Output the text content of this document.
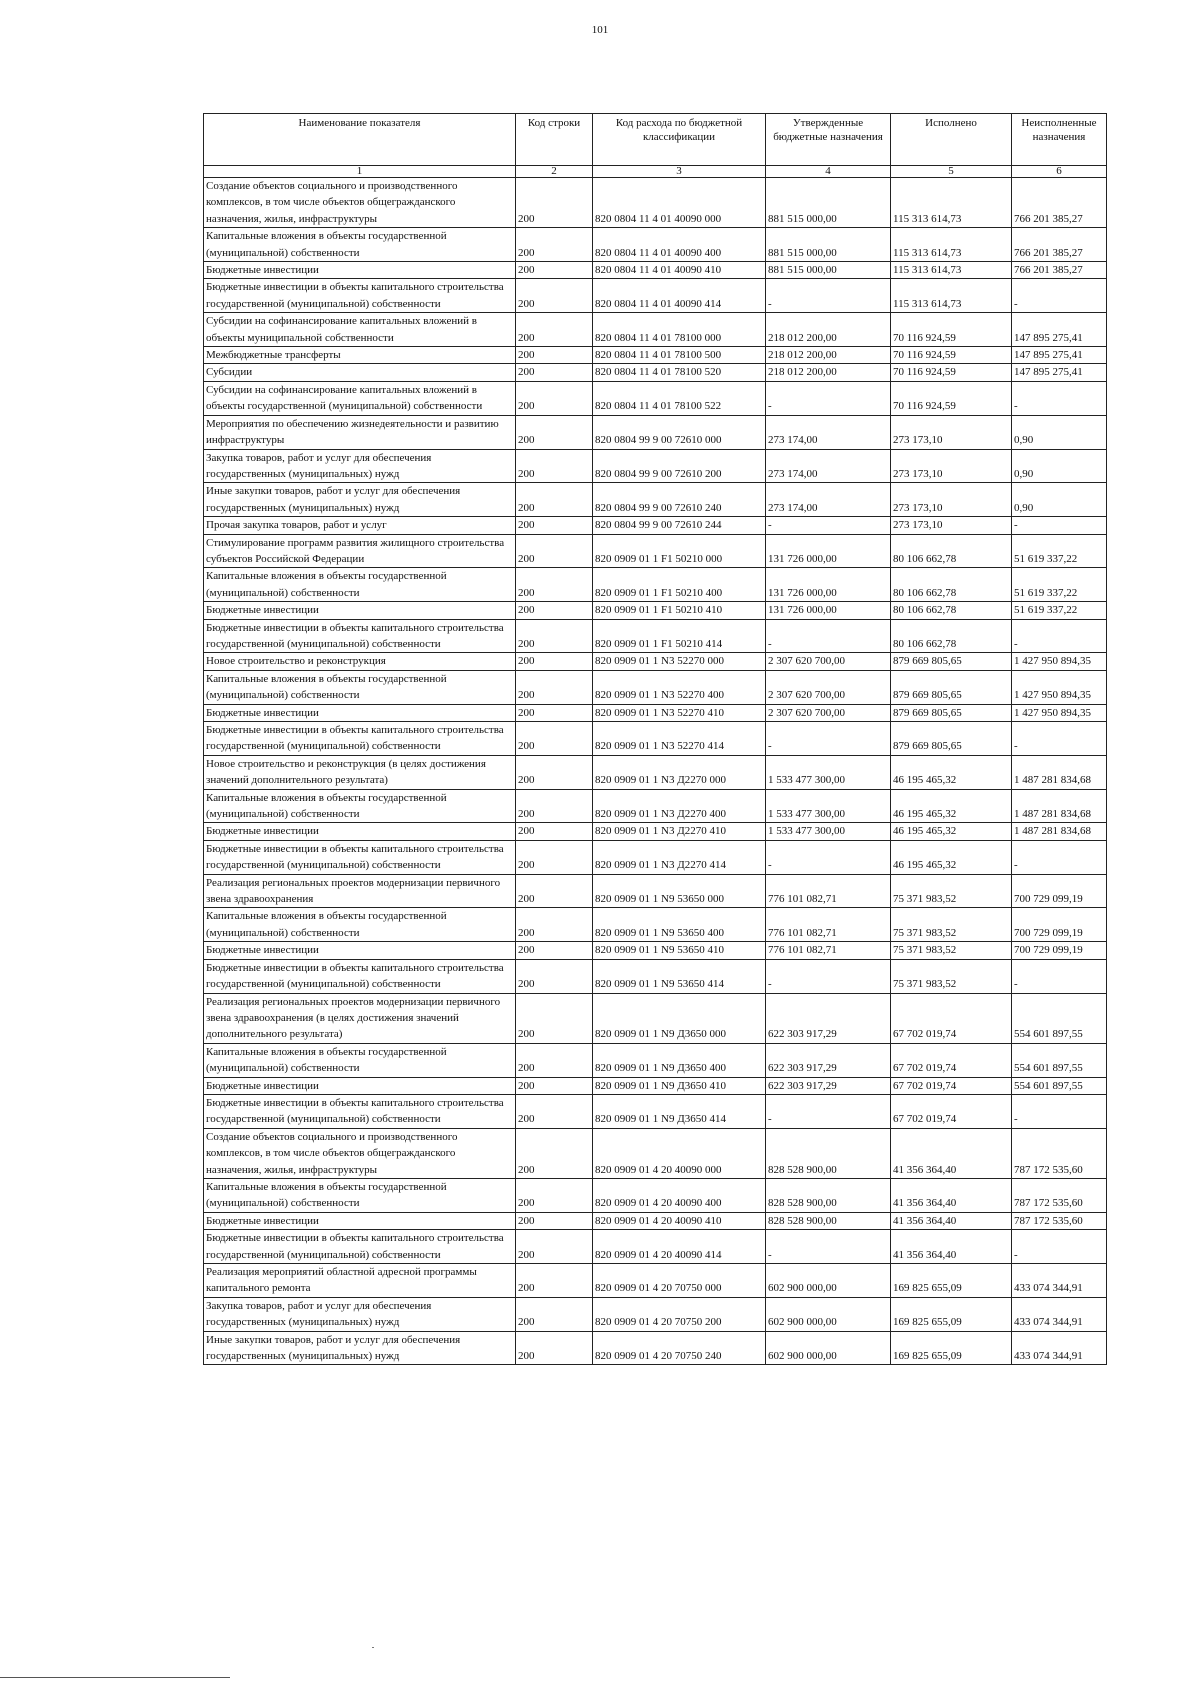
101
Наименование показателя	Код строки	Код расхода по бюджетной классификации	Утвержденные бюджетные назначения	Исполнено	Неисполненные назначения
1	2	3	4	5	6
Создание объектов социального и производственного комплексов, в том числе объектов общегражданского назначения, жилья, инфраструктуры	200	820 0804 11 4 01 40090 000	881 515 000,00	115 313 614,73	766 201 385,27
Капитальные вложения в объекты государственной (муниципальной) собственности	200	820 0804 11 4 01 40090 400	881 515 000,00	115 313 614,73	766 201 385,27
Бюджетные инвестиции	200	820 0804 11 4 01 40090 410	881 515 000,00	115 313 614,73	766 201 385,27
Бюджетные инвестиции в объекты капитального строительства государственной (муниципальной) собственности	200	820 0804 11 4 01 40090 414	-	115 313 614,73	-
Субсидии на софинансирование капитальных вложений в объекты муниципальной собственности	200	820 0804 11 4 01 78100 000	218 012 200,00	70 116 924,59	147 895 275,41
Межбюджетные трансферты	200	820 0804 11 4 01 78100 500	218 012 200,00	70 116 924,59	147 895 275,41
Субсидии	200	820 0804 11 4 01 78100 520	218 012 200,00	70 116 924,59	147 895 275,41
Субсидии на софинансирование капитальных вложений в объекты государственной (муниципальной) собственности	200	820 0804 11 4 01 78100 522	-	70 116 924,59	-
Мероприятия по обеспечению жизнедеятельности и развитию инфраструктуры	200	820 0804 99 9 00 72610 000	273 174,00	273 173,10	0,90
Закупка товаров, работ и услуг для обеспечения государственных (муниципальных) нужд	200	820 0804 99 9 00 72610 200	273 174,00	273 173,10	0,90
Иные закупки товаров, работ и услуг для обеспечения государственных (муниципальных) нужд	200	820 0804 99 9 00 72610 240	273 174,00	273 173,10	0,90
Прочая закупка товаров, работ и услуг	200	820 0804 99 9 00 72610 244	-	273 173,10	-
Стимулирование программ развития жилищного строительства субъектов Российской Федерации	200	820 0909 01 1 F1 50210 000	131 726 000,00	80 106 662,78	51 619 337,22
Капитальные вложения в объекты государственной (муниципальной) собственности	200	820 0909 01 1 F1 50210 400	131 726 000,00	80 106 662,78	51 619 337,22
Бюджетные инвестиции	200	820 0909 01 1 F1 50210 410	131 726 000,00	80 106 662,78	51 619 337,22
Бюджетные инвестиции в объекты капитального строительства государственной (муниципальной) собственности	200	820 0909 01 1 F1 50210 414	-	80 106 662,78	-
Новое строительство и реконструкция	200	820 0909 01 1 N3 52270 000	2 307 620 700,00	879 669 805,65	1 427 950 894,35
Капитальные вложения в объекты государственной (муниципальной) собственности	200	820 0909 01 1 N3 52270 400	2 307 620 700,00	879 669 805,65	1 427 950 894,35
Бюджетные инвестиции	200	820 0909 01 1 N3 52270 410	2 307 620 700,00	879 669 805,65	1 427 950 894,35
Бюджетные инвестиции в объекты капитального строительства государственной (муниципальной) собственности	200	820 0909 01 1 N3 52270 414	-	879 669 805,65	-
Новое строительство и реконструкция (в целях достижения значений дополнительного результата)	200	820 0909 01 1 N3 Д2270 000	1 533 477 300,00	46 195 465,32	1 487 281 834,68
Капитальные вложения в объекты государственной (муниципальной) собственности	200	820 0909 01 1 N3 Д2270 400	1 533 477 300,00	46 195 465,32	1 487 281 834,68
Бюджетные инвестиции	200	820 0909 01 1 N3 Д2270 410	1 533 477 300,00	46 195 465,32	1 487 281 834,68
Бюджетные инвестиции в объекты капитального строительства государственной (муниципальной) собственности	200	820 0909 01 1 N3 Д2270 414	-	46 195 465,32	-
Реализация региональных проектов модернизации первичного звена здравоохранения	200	820 0909 01 1 N9 53650 000	776 101 082,71	75 371 983,52	700 729 099,19
Капитальные вложения в объекты государственной (муниципальной) собственности	200	820 0909 01 1 N9 53650 400	776 101 082,71	75 371 983,52	700 729 099,19
Бюджетные инвестиции	200	820 0909 01 1 N9 53650 410	776 101 082,71	75 371 983,52	700 729 099,19
Бюджетные инвестиции в объекты капитального строительства государственной (муниципальной) собственности	200	820 0909 01 1 N9 53650 414	-	75 371 983,52	-
Реализация региональных проектов модернизации первичного звена здравоохранения (в целях достижения значений дополнительного результата)	200	820 0909 01 1 N9 Д3650 000	622 303 917,29	67 702 019,74	554 601 897,55
Капитальные вложения в объекты государственной (муниципальной) собственности	200	820 0909 01 1 N9 Д3650 400	622 303 917,29	67 702 019,74	554 601 897,55
Бюджетные инвестиции	200	820 0909 01 1 N9 Д3650 410	622 303 917,29	67 702 019,74	554 601 897,55
Бюджетные инвестиции в объекты капитального строительства государственной (муниципальной) собственности	200	820 0909 01 1 N9 Д3650 414	-	67 702 019,74	-
Создание объектов социального и производственного комплексов, в том числе объектов общегражданского назначения, жилья, инфраструктуры	200	820 0909 01 4 20 40090 000	828 528 900,00	41 356 364,40	787 172 535,60
Капитальные вложения в объекты государственной (муниципальной) собственности	200	820 0909 01 4 20 40090 400	828 528 900,00	41 356 364,40	787 172 535,60
Бюджетные инвестиции	200	820 0909 01 4 20 40090 410	828 528 900,00	41 356 364,40	787 172 535,60
Бюджетные инвестиции в объекты капитального строительства государственной (муниципальной) собственности	200	820 0909 01 4 20 40090 414	-	41 356 364,40	-
Реализация мероприятий областной адресной программы капитального ремонта	200	820 0909 01 4 20 70750 000	602 900 000,00	169 825 655,09	433 074 344,91
Закупка товаров, работ и услуг для обеспечения государственных (муниципальных) нужд	200	820 0909 01 4 20 70750 200	602 900 000,00	169 825 655,09	433 074 344,91
Иные закупки товаров, работ и услуг для обеспечения государственных (муниципальных) нужд	200	820 0909 01 4 20 70750 240	602 900 000,00	169 825 655,09	433 074 344,91
